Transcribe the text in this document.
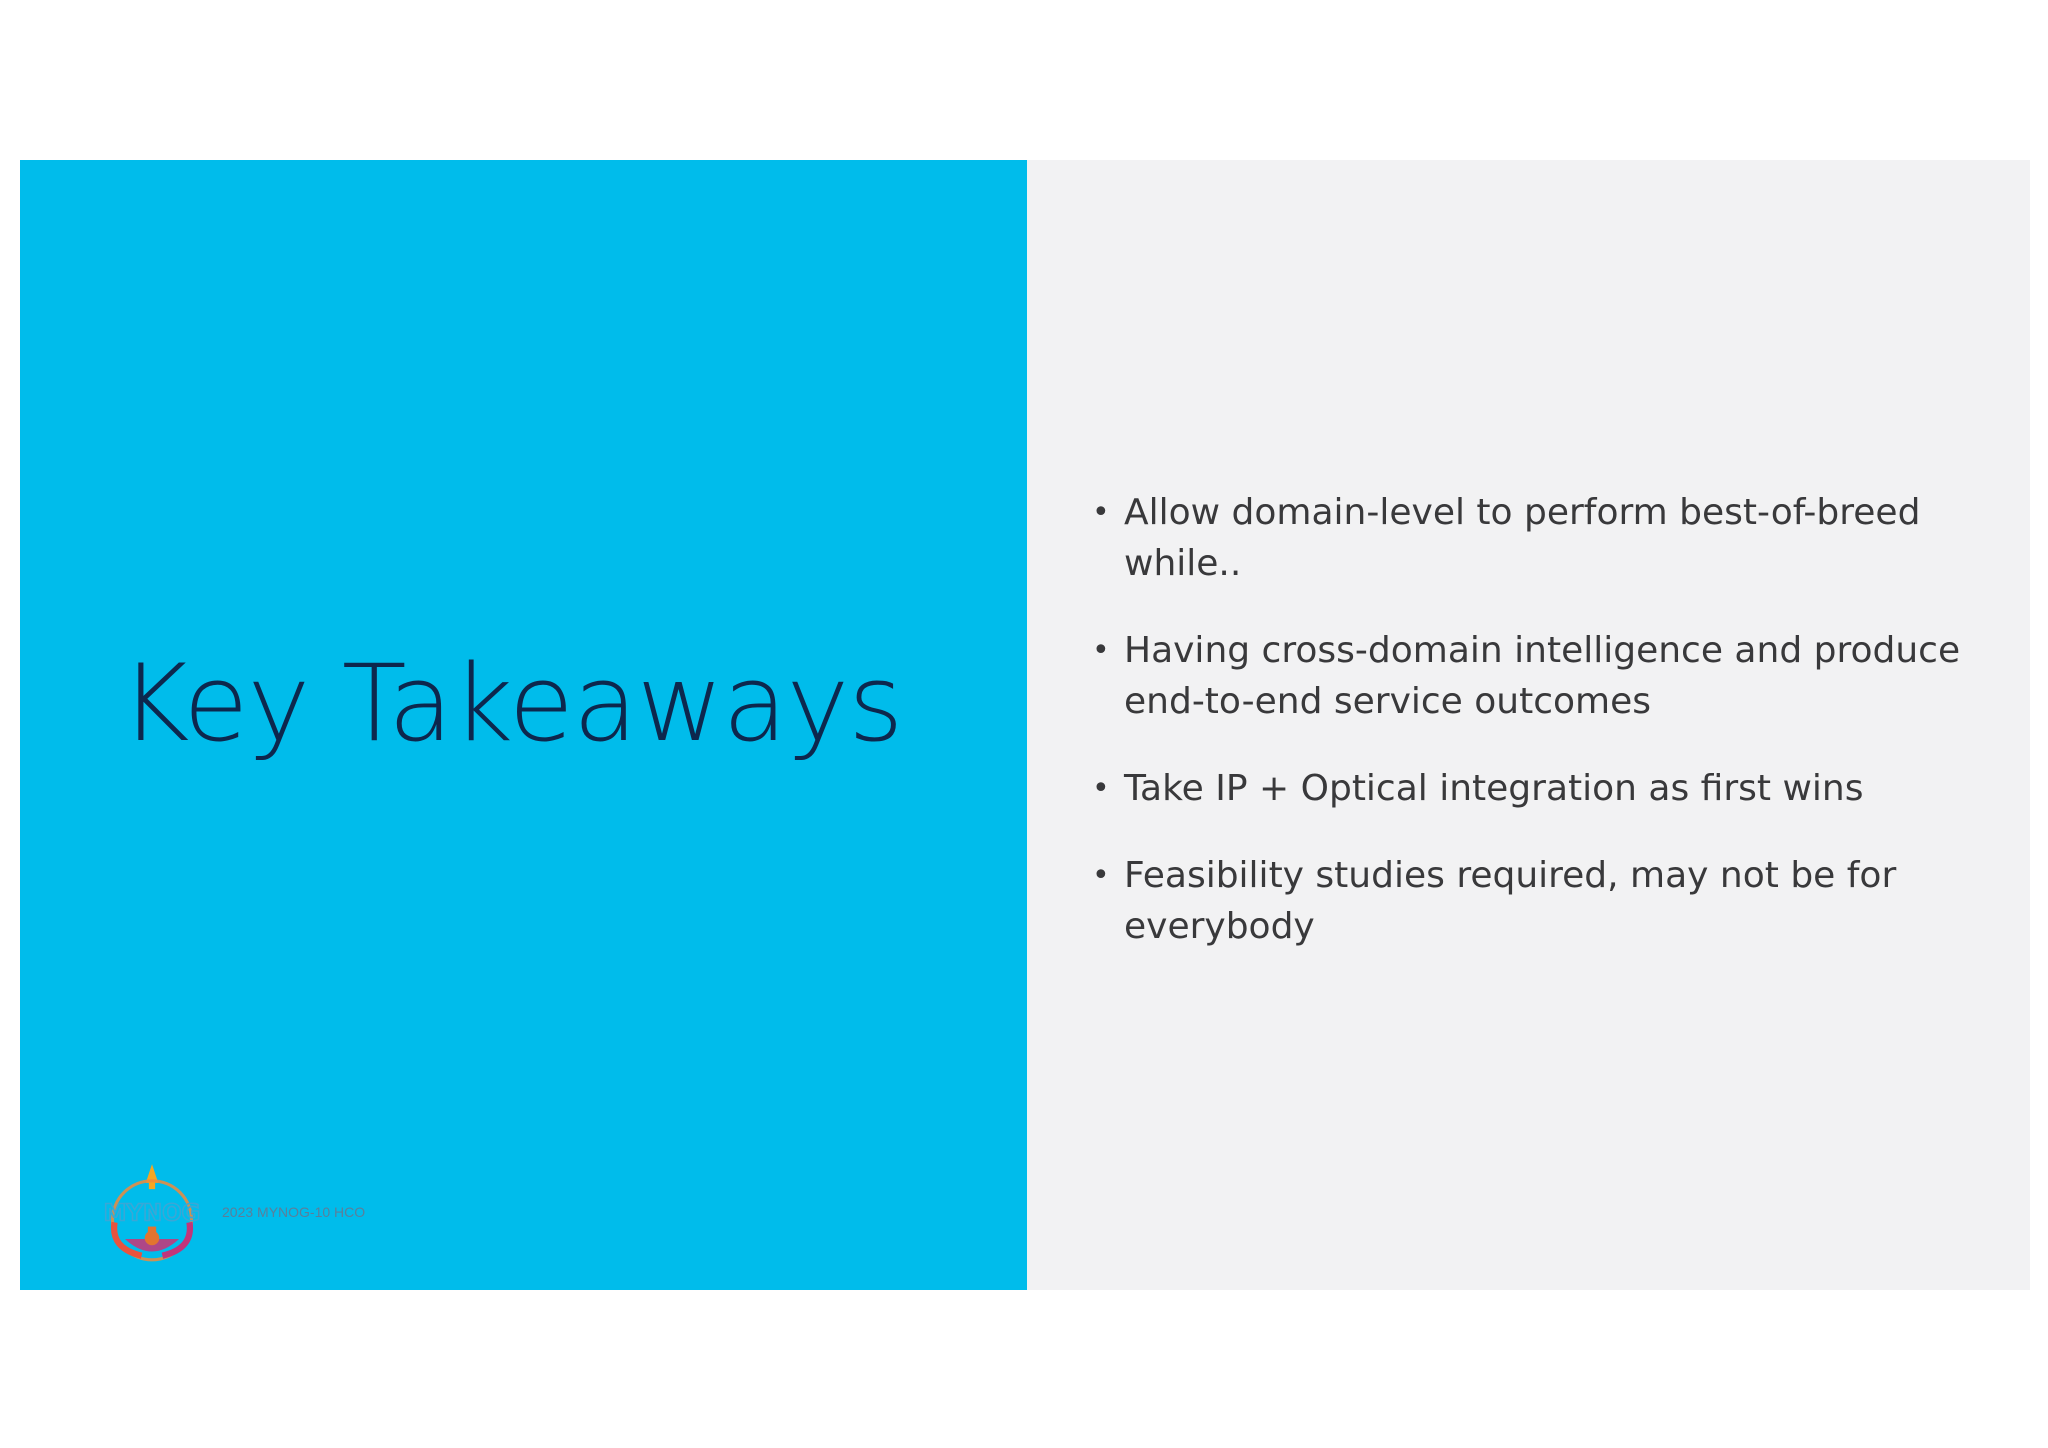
Key Takeaways
MYNOG 2023 MYNOG-10 HCO
• Allow domain-level to perform best-of-breed while..
• Having cross-domain intelligence and produce end-to-end service outcomes
• Take IP + Optical integration as first wins
• Feasibility studies required, may not be for everybody
